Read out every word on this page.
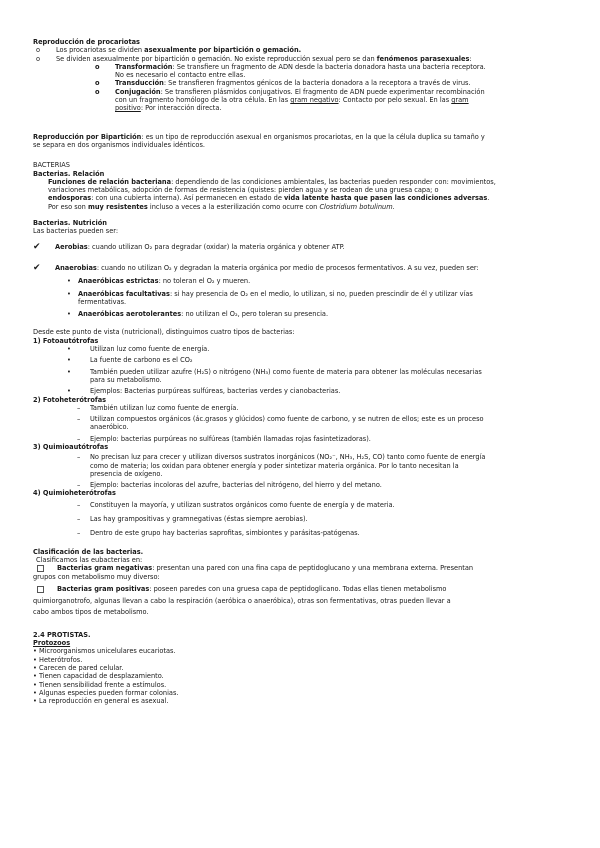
Reproducción de procariotas
o Los procariotas se dividen asexualmente por bipartición o gemación.
o Se dividen asexualmente por bipartición o gemación. No existe reproducción sexual pero se dan fenómenos parasexuales:
o Transformación: Se transfiere un fragmento de ADN desde la bacteria donadora hasta una bacteria receptora.
No es necesario el contacto entre ellas.
o Transducción: Se transfieren fragmentos génicos de la bacteria donadora a la receptora a través de virus.
o Conjugación: Se transfieren plásmidos conjugativos. El fragmento de ADN puede experimentar recombinación
con un fragmento homólogo de la otra célula. En las gram negativo: Contacto por pelo sexual. En las gram
positivo: Por interacción directa.
Reproducción por Bipartición: es un tipo de reproducción asexual en organismos procariotas, en la que la célula duplica su tamaño y
se separa en dos organismos individuales idénticos.
BACTERIAS
Bacterias. Relación
Funciones de relación bacteriana: dependiendo de las condiciones ambientales, las bacterias pueden responder con: movimientos,
variaciones metabólicas, adopción de formas de resistencia (quistes: pierden agua y se rodean de una gruesa capa; o
endosporas: con una cubierta interna). Así permanecen en estado de vida latente hasta que pasen las condiciones adversas.
Por eso son muy resistentes incluso a veces a la esterilización como ocurre con Clostridium botulinum.
Bacterias. Nutrición
Las bacterias pueden ser:
✔ Aerobias: cuando utilizan O₂ para degradar (oxidar) la materia orgánica y obtener ATP.
✔ Anaerobias: cuando no utilizan O₂ y degradan la materia orgánica por medio de procesos fermentativos. A su vez, pueden ser:
• Anaeróbicas estrictas: no toleran el O₂ y mueren.
• Anaeróbicas facultativas: si hay presencia de O₂ en el medio, lo utilizan, si no, pueden prescindir de él y utilizar vías
fermentativas.
• Anaeróbicas aerotolerantes: no utilizan el O₂, pero toleran su presencia.
Desde este punto de vista (nutricional), distinguimos cuatro tipos de bacterias:
1) Fotoautótrofas
•	Utilizan luz como fuente de energía.
•	La fuente de carbono es el CO₂
•	También pueden utilizar azufre (H₂S) o nitrógeno (NH₃) como fuente de materia para obtener las moléculas necesarias
para su metabolismo.
•	Ejemplos: Bacterias purpúreas sulfúreas, bacterias verdes y cianobacterias.
2) Fotoheterótrofas
– También utilizan luz como fuente de energía.
– Utilizan compuestos orgánicos (ác.grasos y glúcidos) como fuente de carbono, y se nutren de ellos; este es un proceso
anaeróbico.
– Ejemplo: bacterias purpúreas no sulfúreas (también llamadas rojas fasintetizadoras).
3) Quimioautótrofas
– No precisan luz para crecer y utilizan diversos sustratos inorgánicos (NO₂⁻, NH₃, H₂S, CO) tanto como fuente de energía
como de materia; los oxidan para obtener energía y poder sintetizar materia orgánica. Por lo tanto necesitan la
presencia de oxígeno.
– Ejemplo: bacterias incoloras del azufre, bacterias del nitrógeno, del hierro y del metano.
4) Quimioheterótrofas
– Constituyen la mayoría, y utilizan sustratos orgánicos como fuente de energía y de materia.
– Las hay grampositivas y gramnegativas (éstas siempre aerobias).
– Dentro de este grupo hay bacterias saprofitas, simbiontes y parásitas-patógenas.
Clasificación de las bacterias.
Clasificamos las eubacterias en:
Bacterias gram negativas: presentan una pared con una fina capa de peptidoglucano y una membrana externa. Presentan
grupos con metabolismo muy diverso:
Bacterias gram positivas: poseen paredes con una gruesa capa de peptidoglicano. Todas ellas tienen metabolismo
quimiorganotrofo, algunas llevan a cabo la respiración (aeróbica o anaeróbica), otras son fermentativas, otras pueden llevar a
cabo ambos tipos de metabolismo.
2.4 PROTISTAS.
Protozoos
• Microorganismos unicelulares eucariotas.
• Heterótrofos.
• Carecen de pared celular.
• Tienen capacidad de desplazamiento.
• Tienen sensibilidad frente a estímulos.
• Algunas especies pueden formar colonias.
• La reproducción en general es asexual.
